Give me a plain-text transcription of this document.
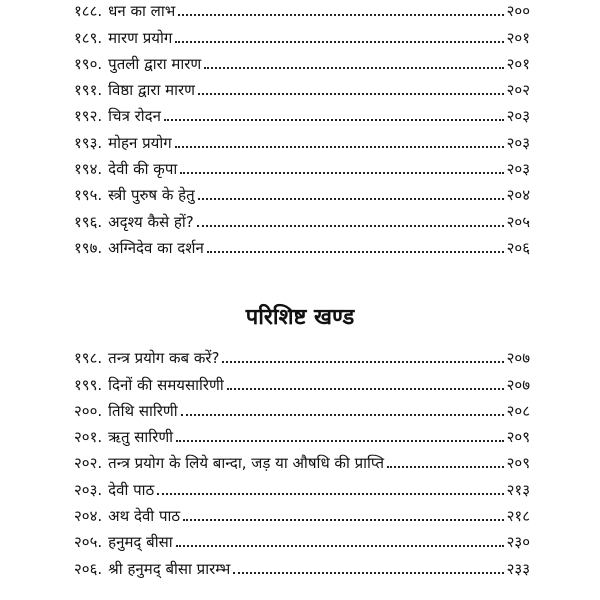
१८८. धन का लाभ	२००
१८९. मारण प्रयोग	२०१
१९०. पुतली द्वारा मारण	२०१
१९१. विष्ठा द्वारा मारण	२०२
१९२. चित्र रोदन	२०३
१९३. मोहन प्रयोग	२०३
१९४. देवी की कृपा	२०३
१९५. स्त्री पुरुष के हेतु	२०४
१९६. अदृश्य कैसे हों?	२०५
१९७. अग्निदेव का दर्शन	२०६
परिशिष्ट खण्ड
१९८. तन्त्र प्रयोग कब करें?	२०७
१९९. दिनों की समयसारिणी	२०७
२००. तिथि सारिणी	२०८
२०१. ऋतु सारिणी	२०९
२०२. तन्त्र प्रयोग के लिये बान्दा, जड़ या औषधि की प्राप्ति	२०९
२०३. देवी पाठ	२१३
२०४. अथ देवी पाठ	२१८
२०५. हनुमद् बीसा	२३०
२०६. श्री हनुमद् बीसा प्रारम्भ	२३३
